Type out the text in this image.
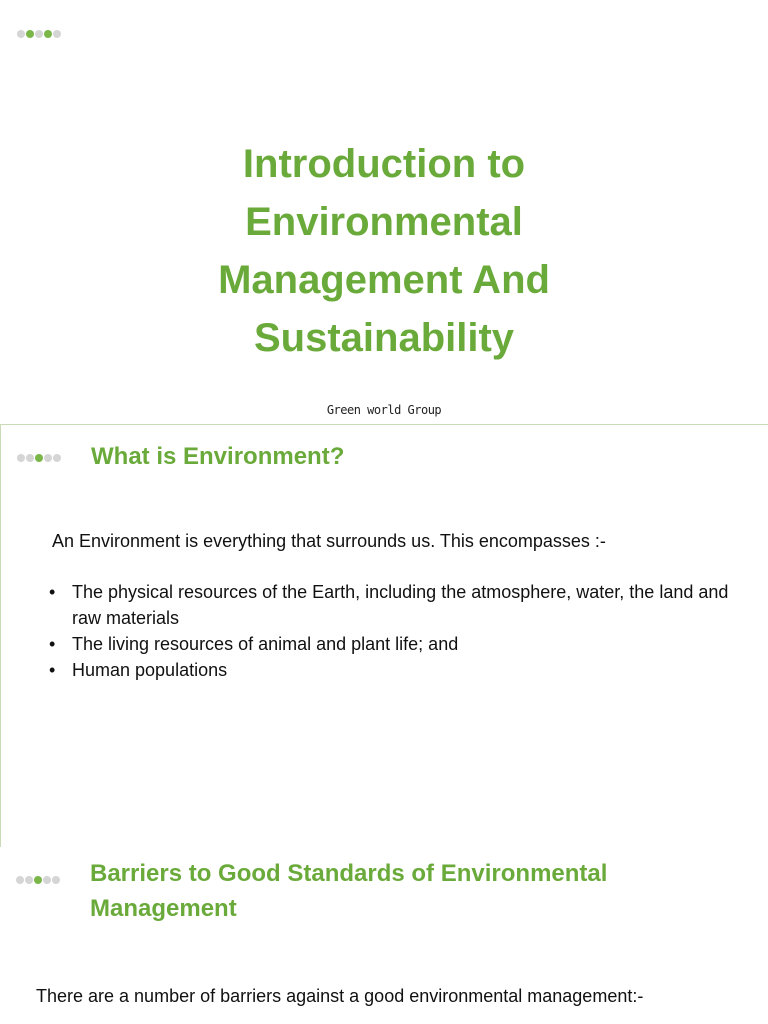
Introduction to
Environmental
Management And
Sustainability
Green world Group
What is Environment?
An Environment is everything that surrounds us. This encompasses :-
• The physical resources of the Earth, including the atmosphere, water, the land and raw materials
• The living resources of animal and plant life; and
• Human populations
Barriers to Good Standards of Environmental
Management
There are a number of barriers against a good environmental management:-
